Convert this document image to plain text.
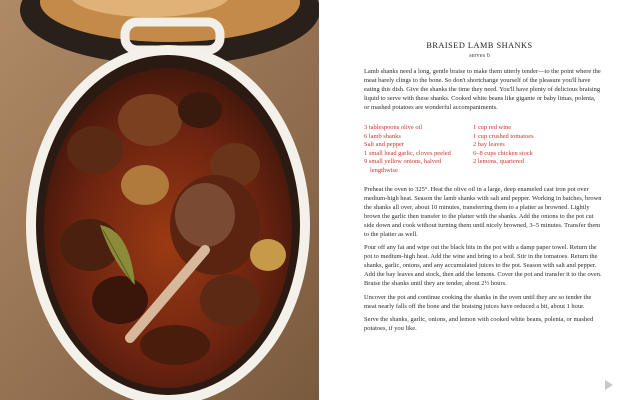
BRAISED LAMB SHANKS
serves 6

Lamb shanks need a long, gentle braise to make them utterly tender—to the point where the meat barely clings to the bone. So don't shortchange yourself of the pleasure you'll have eating this dish. Give the shanks the time they need. You'll have plenty of delicious braising liquid to serve with these shanks. Cooked white beans like gigante or baby limas, polenta, or mashed potatoes are wonderful accompaniments.

3 tablespoons olive oil
6 lamb shanks
Salt and pepper
1 small head garlic, cloves peeled
9 small yellow onions, halved
lengthwise
1 cup red wine
1 cup crushed tomatoes
2 bay leaves
6–8 cups chicken stock
2 lemons, quartered

Preheat the oven to 325°. Heat the olive oil in a large, deep enameled cast iron pot over medium-high heat. Season the lamb shanks with salt and pepper. Working in batches, brown the shanks all over, about 10 minutes, transferring them to a platter as browned. Lightly brown the garlic then transfer to the platter with the shanks. Add the onions to the pot cut side down and cook without turning them until nicely browned, 3–5 minutes. Transfer them to the platter as well.

Pour off any fat and wipe out the black bits in the pot with a damp paper towel. Return the pot to medium-high heat. Add the wine and bring to a boil. Stir in the tomatoes. Return the shanks, garlic, onions, and any accumulated juices to the pot. Season with salt and pepper. Add the bay leaves and stock, then add the lemons. Cover the pot and transfer it to the oven. Braise the shanks until they are tender, about 2½ hours.

Uncover the pot and continue cooking the shanks in the oven until they are so tender the meat nearly falls off the bone and the braising juices have reduced a bit, about 1 hour.

Serve the shanks, garlic, onions, and lemon with cooked white beans, polenta, or mashed potatoes, if you like.
